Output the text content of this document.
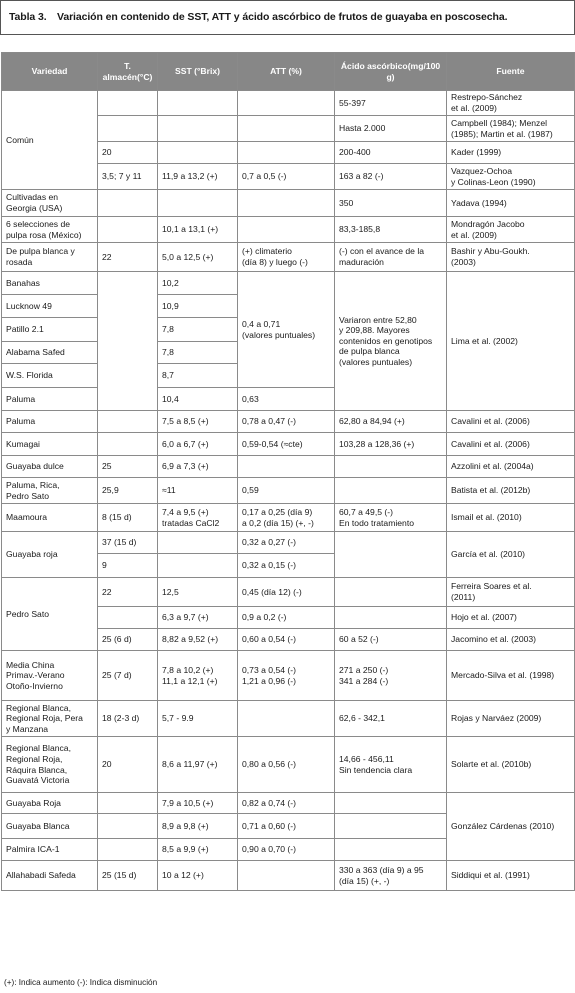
Tabla 3. Variación en contenido de SST, ATT y ácido ascórbico de frutos de guayaba en poscosecha.
Variedad	T. almacén(°C)	SST (°Brix)	ATT (%)	Ácido ascórbico(mg/100 g)	Fuente

Común				55-397	Restrepo-Sánchez
et al. (2009)

				Hasta 2.000	Campbell (1984); Menzel
(1985); Martin et al. (1987)

	20			200-400	Kader (1999)

	3,5; 7 y 11	11,9 a 13,2 (+)	0,7 a 0,5 (-)	163 a 82 (-)	Vazquez-Ochoa
y Colinas-Leon (1990)

Cultivadas en
Georgia (USA)				350	Yadava (1994)

6 selecciones de
pulpa rosa (México)		10,1 a 13,1 (+)		83,3-185,8	Mondragón Jacobo
et al. (2009)

De pulpa blanca y
rosada	22	5,0 a 12,5 (+)	(+) climaterio
(día 8) y luego (-)	(-) con el avance de la
maduración	Bashir y Abu-Goukh.
(2003)

Banahas		10,2	0,4 a 0,71
(valores puntuales)	Variaron entre 52,80
y 209,88. Mayores
contenidos en genotipos
de pulpa blanca
(valores puntuales)	Lima et al. (2002)

Lucknow 49		10,9			

Patillo 2.1		7,8			

Alabama Safed		7,8			

W.S. Florida		8,7			

Paluma		10,4	0,63		

Paluma		7,5 a 8,5 (+)	0,78 a 0,47 (-)	62,80 a 84,94 (+)	Cavalini et al. (2006)

Kumagai		6,0 a 6,7 (+)	0,59-0,54 (≈cte)	103,28 a 128,36 (+)	Cavalini et al. (2006)

Guayaba dulce	25	6,9 a 7,3 (+)			Azzolini et al. (2004a)

Paluma, Rica,
Pedro Sato	25,9	≈11	0,59		Batista et al. (2012b)

Maamoura	8 (15 d)	7,4 a 9,5 (+)
tratadas CaCl2	0,17 a 0,25 (día 9)
a 0,2 (día 15) (+, -)	60,7 a 49,5 (-)
En todo tratamiento	Ismail et al. (2010)

Guayaba roja	37 (15 d)		0,32 a 0,27 (-)		García et al. (2010)

	9		0,32 a 0,15 (-)		

Pedro Sato	22	12,5	0,45 (día 12) (-)		Ferreira Soares et al.
(2011)

		6,3 a 9,7 (+)	0,9 a 0,2 (-)		Hojo et al. (2007)

	25 (6 d)	8,82 a 9,52 (+)	0,60 a 0,54 (-)	60 a 52 (-)	Jacomino et al. (2003)

Media China
Primav.-Verano
Otoño-Invierno	25 (7 d)	7,8 a 10,2 (+)
11,1 a 12,1 (+)	0,73 a 0,54 (-)
1,21 a 0,96 (-)	271 a 250 (-)
341 a 284 (-)	Mercado-Silva et al. (1998)

Regional Blanca,
Regional Roja, Pera
y Manzana	18 (2-3 d)	5,7 - 9.9		62,6 - 342,1	Rojas y Narváez (2009)

Regional Blanca,
Regional Roja,
Ráquira Blanca,
Guavatá Victoria	20	8,6 a 11,97 (+)	0,80 a 0,56 (-)	14,66 - 456,11
Sin tendencia clara	Solarte et al. (2010b)

Guayaba Roja		7,9 a 10,5 (+)	0,82 a 0,74 (-)		González Cárdenas (2010)

Guayaba Blanca		8,9 a 9,8 (+)	0,71 a 0,60 (-)		

Palmira ICA-1		8,5 a 9,9 (+)	0,90 a 0,70 (-)		

Allahabadi Safeda	25 (15 d)	10 a 12 (+)		330 a 363 (día 9) a 95
(día 15) (+, -)	Siddiqui et al. (1991)
(+): Indica aumento (-): Indica disminución
